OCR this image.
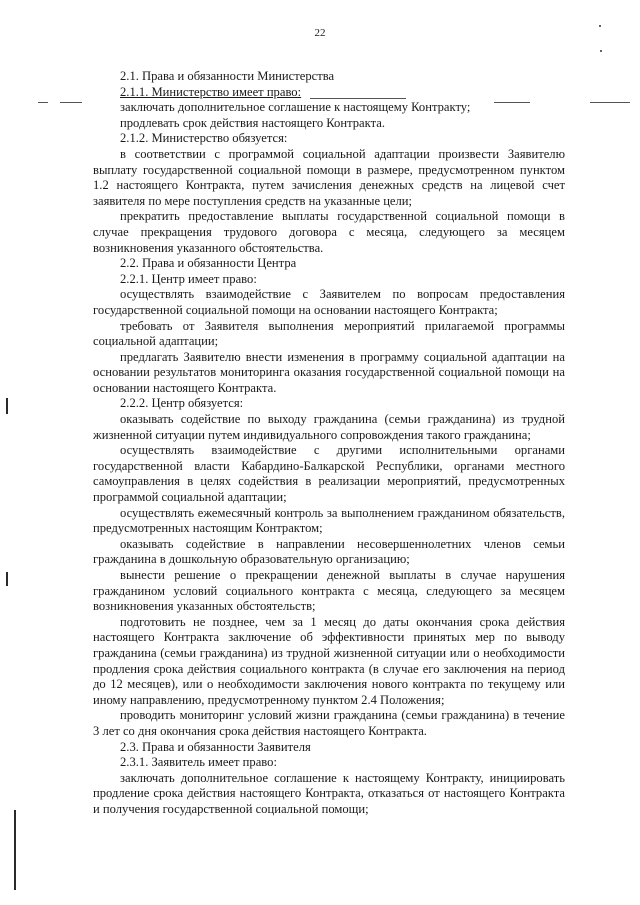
22

2.1. Права и обязанности Министерства

2.1.1. Министерство имеет право:

заключать дополнительное соглашение к настоящему Контракту;

продлевать срок действия настоящего Контракта.

2.1.2. Министерство обязуется:

в соответствии с программой социальной адаптации произвести Заявителю выплату государственной социальной помощи в размере, предусмотренном пунктом 1.2 настоящего Контракта, путем зачисления денежных средств на лицевой счет заявителя по мере поступления средств на указанные цели;

прекратить предоставление выплаты государственной социальной помощи в случае прекращения трудового договора с месяца, следующего за месяцем возникновения указанного обстоятельства.

2.2. Права и обязанности Центра

2.2.1. Центр имеет право:

осуществлять взаимодействие с Заявителем по вопросам предоставления государственной социальной помощи на основании настоящего Контракта;

требовать от Заявителя выполнения мероприятий прилагаемой программы социальной адаптации;

предлагать Заявителю внести изменения в программу социальной адаптации на основании результатов мониторинга оказания государственной социальной помощи на основании настоящего Контракта.

2.2.2. Центр обязуется:

оказывать содействие по выходу гражданина (семьи гражданина) из трудной жизненной ситуации путем индивидуального сопровождения такого гражданина;

осуществлять взаимодействие с другими исполнительными органами государственной власти Кабардино-Балкарской Республики, органами местного самоуправления в целях содействия в реализации мероприятий, предусмотренных программой социальной адаптации;

осуществлять ежемесячный контроль за выполнением гражданином обязательств, предусмотренных настоящим Контрактом;

оказывать содействие в направлении несовершеннолетних членов семьи гражданина в дошкольную образовательную организацию;

вынести решение о прекращении денежной выплаты в случае нарушения гражданином условий социального контракта с месяца, следующего за месяцем возникновения указанных обстоятельств;

подготовить не позднее, чем за 1 месяц до даты окончания срока действия настоящего Контракта заключение об эффективности принятых мер по выводу гражданина (семьи гражданина) из трудной жизненной ситуации или о необходимости продления срока действия социального контракта (в случае его заключения на период до 12 месяцев), или о необходимости заключения нового контракта по текущему или иному направлению, предусмотренному пунктом 2.4 Положения;

проводить мониторинг условий жизни гражданина (семьи гражданина) в течение 3 лет со дня окончания срока действия настоящего Контракта.

2.3. Права и обязанности Заявителя

2.3.1. Заявитель имеет право:

заключать дополнительное соглашение к настоящему Контракту, инициировать продление срока действия настоящего Контракта, отказаться от настоящего Контракта и получения государственной социальной помощи;
